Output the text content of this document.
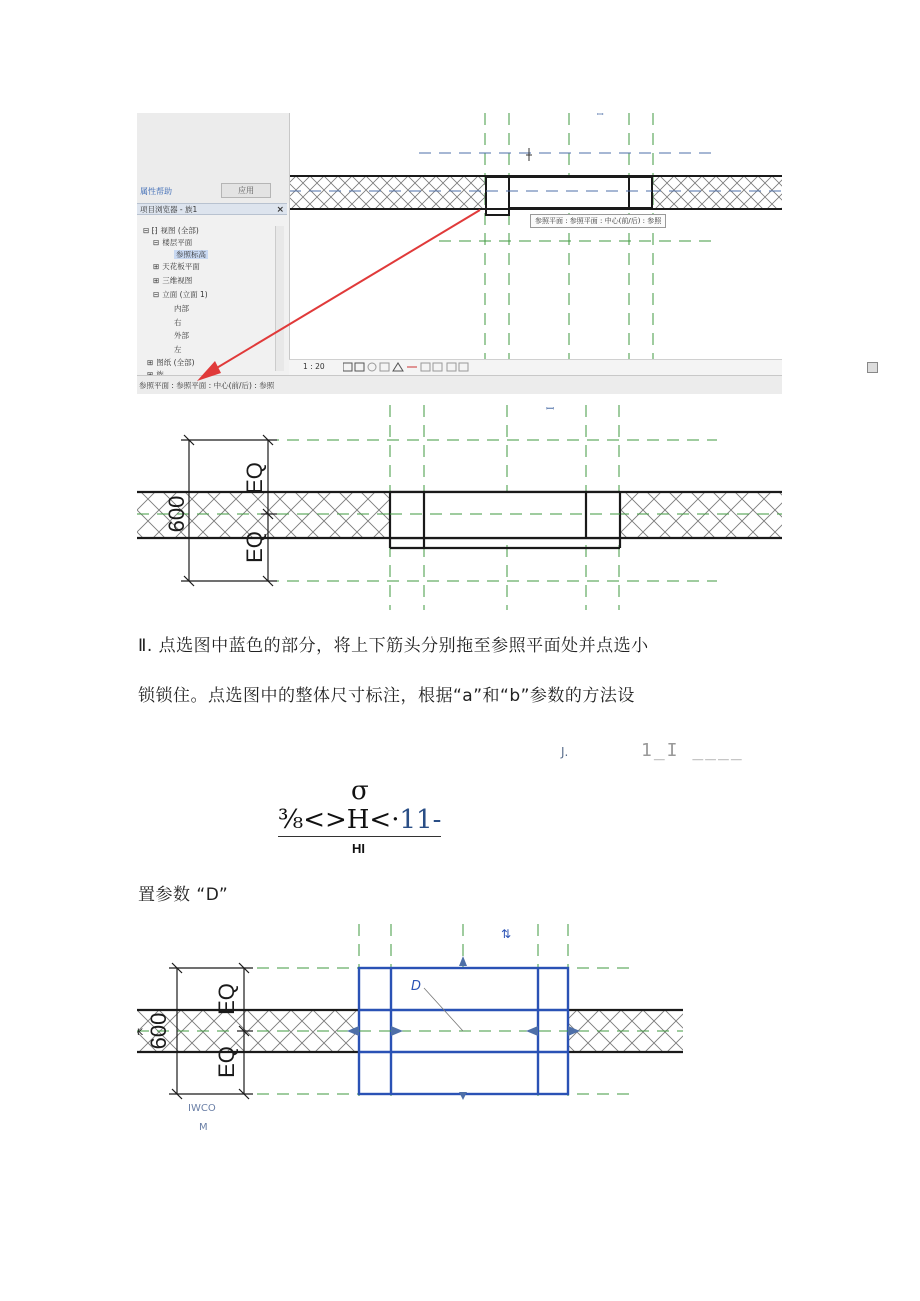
ꟷ
属性帮助	应用
项目浏览器 - 族1	×
⊟ ⁅⁆ 视图 (全部)
⊟ 楼层平面
参照标高
⊞ 天花板平面
⊞ 三维视图
⊟ 立面 (立面 1)
内部
右
外部
左
⊞ 图纸 (全部)	1 : 20
参照平面 : 参照平面 : 中心(前/后) : 参照
参照平面 : 参照平面 : 中心(前/后) : 参照
600
EQ
EQ
ꟷ
Ⅱ. 点选图中蓝色的部分，将上下筋头分别拖至参照平面处并点选小
锁锁住。点选图中的整体尺寸标注，根据“a”和“b”参数的方法设
J.	1_I ____
σ
³⁄₈<>H<·11-
HI
置参数 “D”
D
⇅
600
EQ
EQ
K
IWCO
M
